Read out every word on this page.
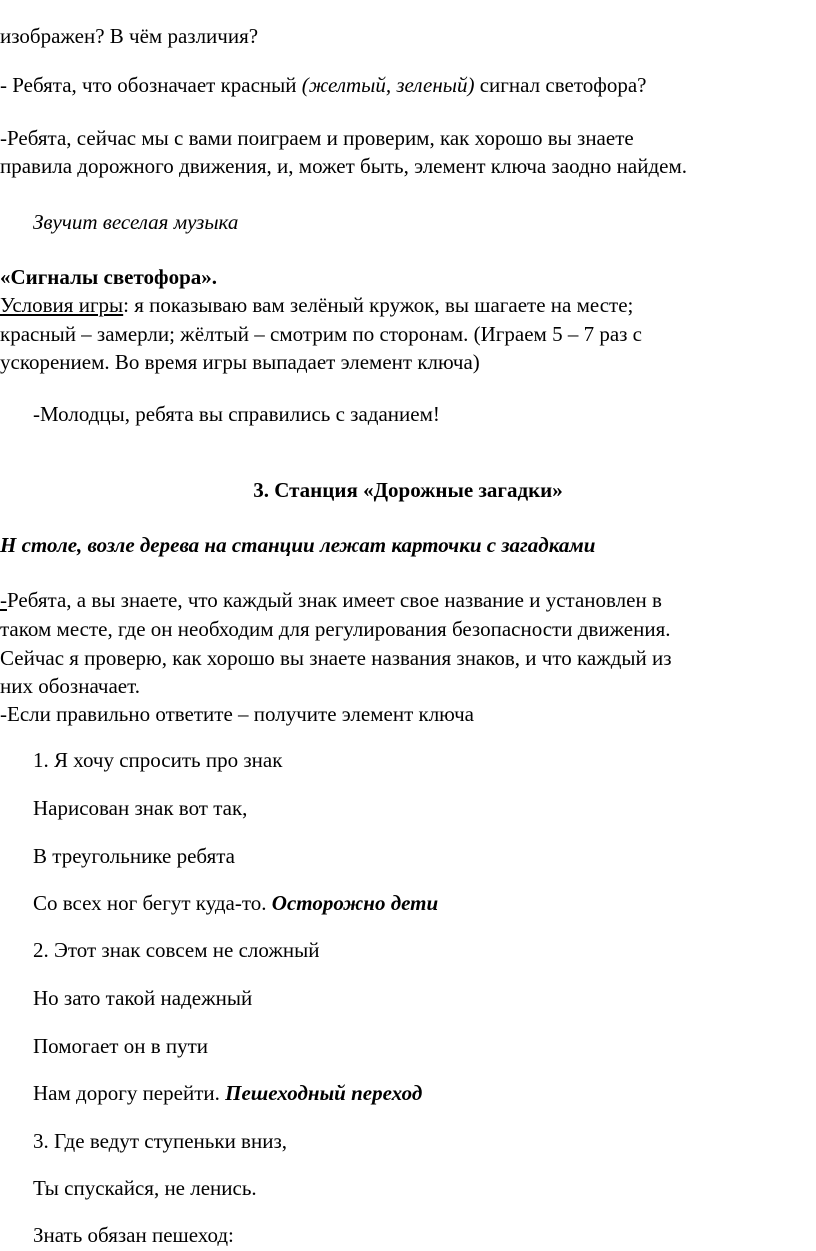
изображен? В чём различия?
- Ребята, что обозначает красный (желтый, зеленый) сигнал светофора?
-Ребята, сейчас мы с вами поиграем и проверим, как хорошо вы знаете
правила дорожного движения, и, может быть, элемент ключа заодно найдем.
Звучит веселая музыка
«Сигналы светофора».
Условия игры: я показываю вам зелёный кружок, вы шагаете на месте;
красный – замерли; жёлтый – смотрим по сторонам. (Играем 5 – 7 раз с
ускорением. Во время игры выпадает элемент ключа)
-Молодцы, ребята вы справились с заданием!
3. Станция «Дорожные загадки»
Н столе, возле дерева на станции лежат карточки с загадками
-Ребята, а вы знаете, что каждый знак имеет свое название и установлен в
таком месте, где он необходим для регулирования безопасности движения.
Сейчас я проверю, как хорошо вы знаете названия знаков, и что каждый из
них обозначает.
-Если правильно ответите – получите элемент ключа
1. Я хочу спросить про знак
Нарисован знак вот так,
В треугольнике ребята
Со всех ног бегут куда-то. Осторожно дети
2. Этот знак совсем не сложный
Но зато такой надежный
Помогает он в пути
Нам дорогу перейти. Пешеходный переход
3. Где ведут ступеньки вниз,
Ты спускайся, не ленись.
Знать обязан пешеход:
